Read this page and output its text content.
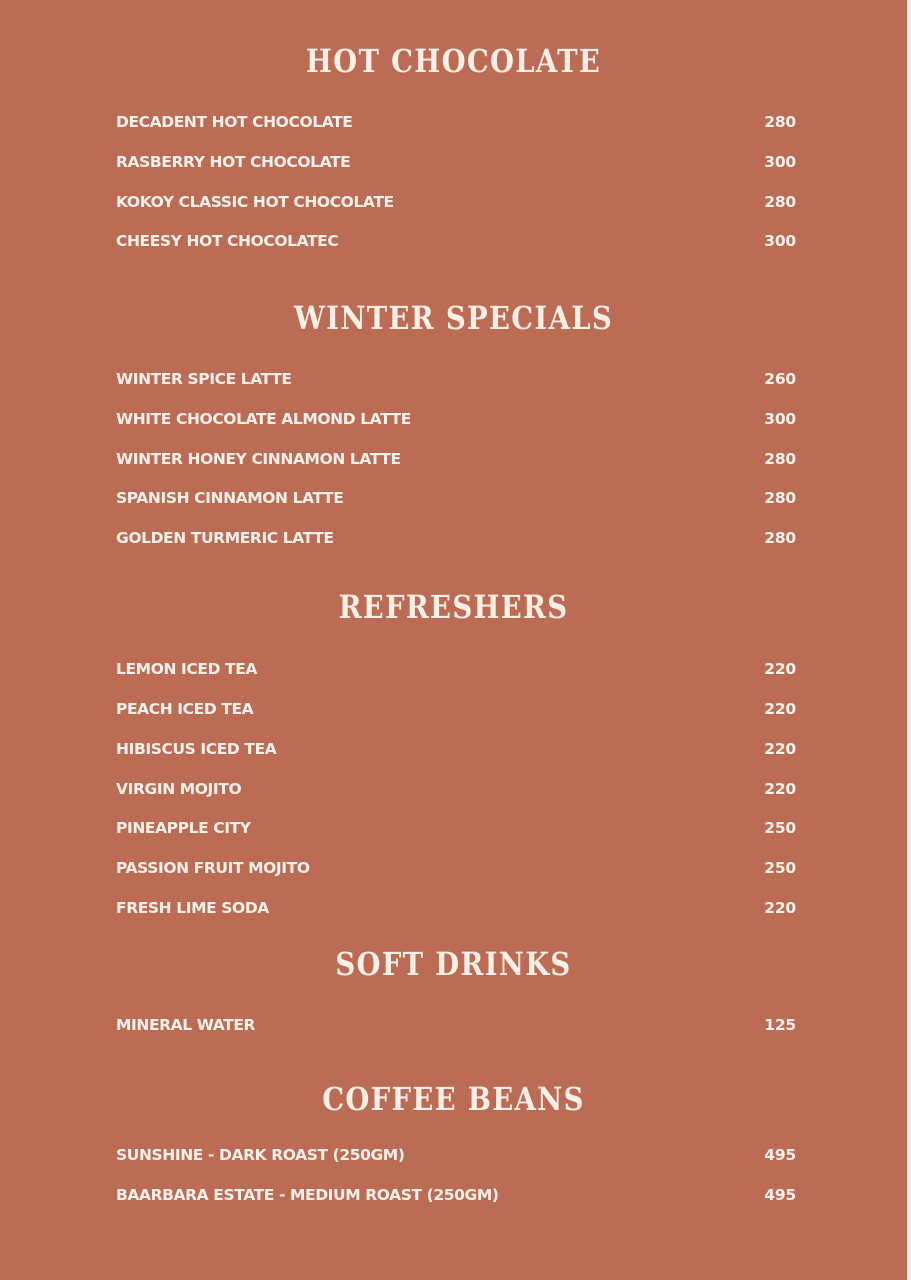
HOT CHOCOLATE
DECADENT HOT CHOCOLATE	280
RASBERRY HOT CHOCOLATE	300
KOKOY CLASSIC HOT CHOCOLATE	280
CHEESY HOT CHOCOLATEC	300
WINTER SPECIALS
WINTER SPICE LATTE	260
WHITE CHOCOLATE ALMOND LATTE	300
WINTER HONEY CINNAMON LATTE	280
SPANISH CINNAMON LATTE	280
GOLDEN TURMERIC LATTE	280
REFRESHERS
LEMON ICED TEA	220
PEACH ICED TEA	220
HIBISCUS ICED TEA	220
VIRGIN MOJITO	220
PINEAPPLE CITY	250
PASSION FRUIT MOJITO	250
FRESH LIME SODA	220
SOFT DRINKS
MINERAL WATER	125
COFFEE BEANS
SUNSHINE - DARK ROAST (250GM)	495
BAARBARA ESTATE - MEDIUM ROAST (250GM)	495
